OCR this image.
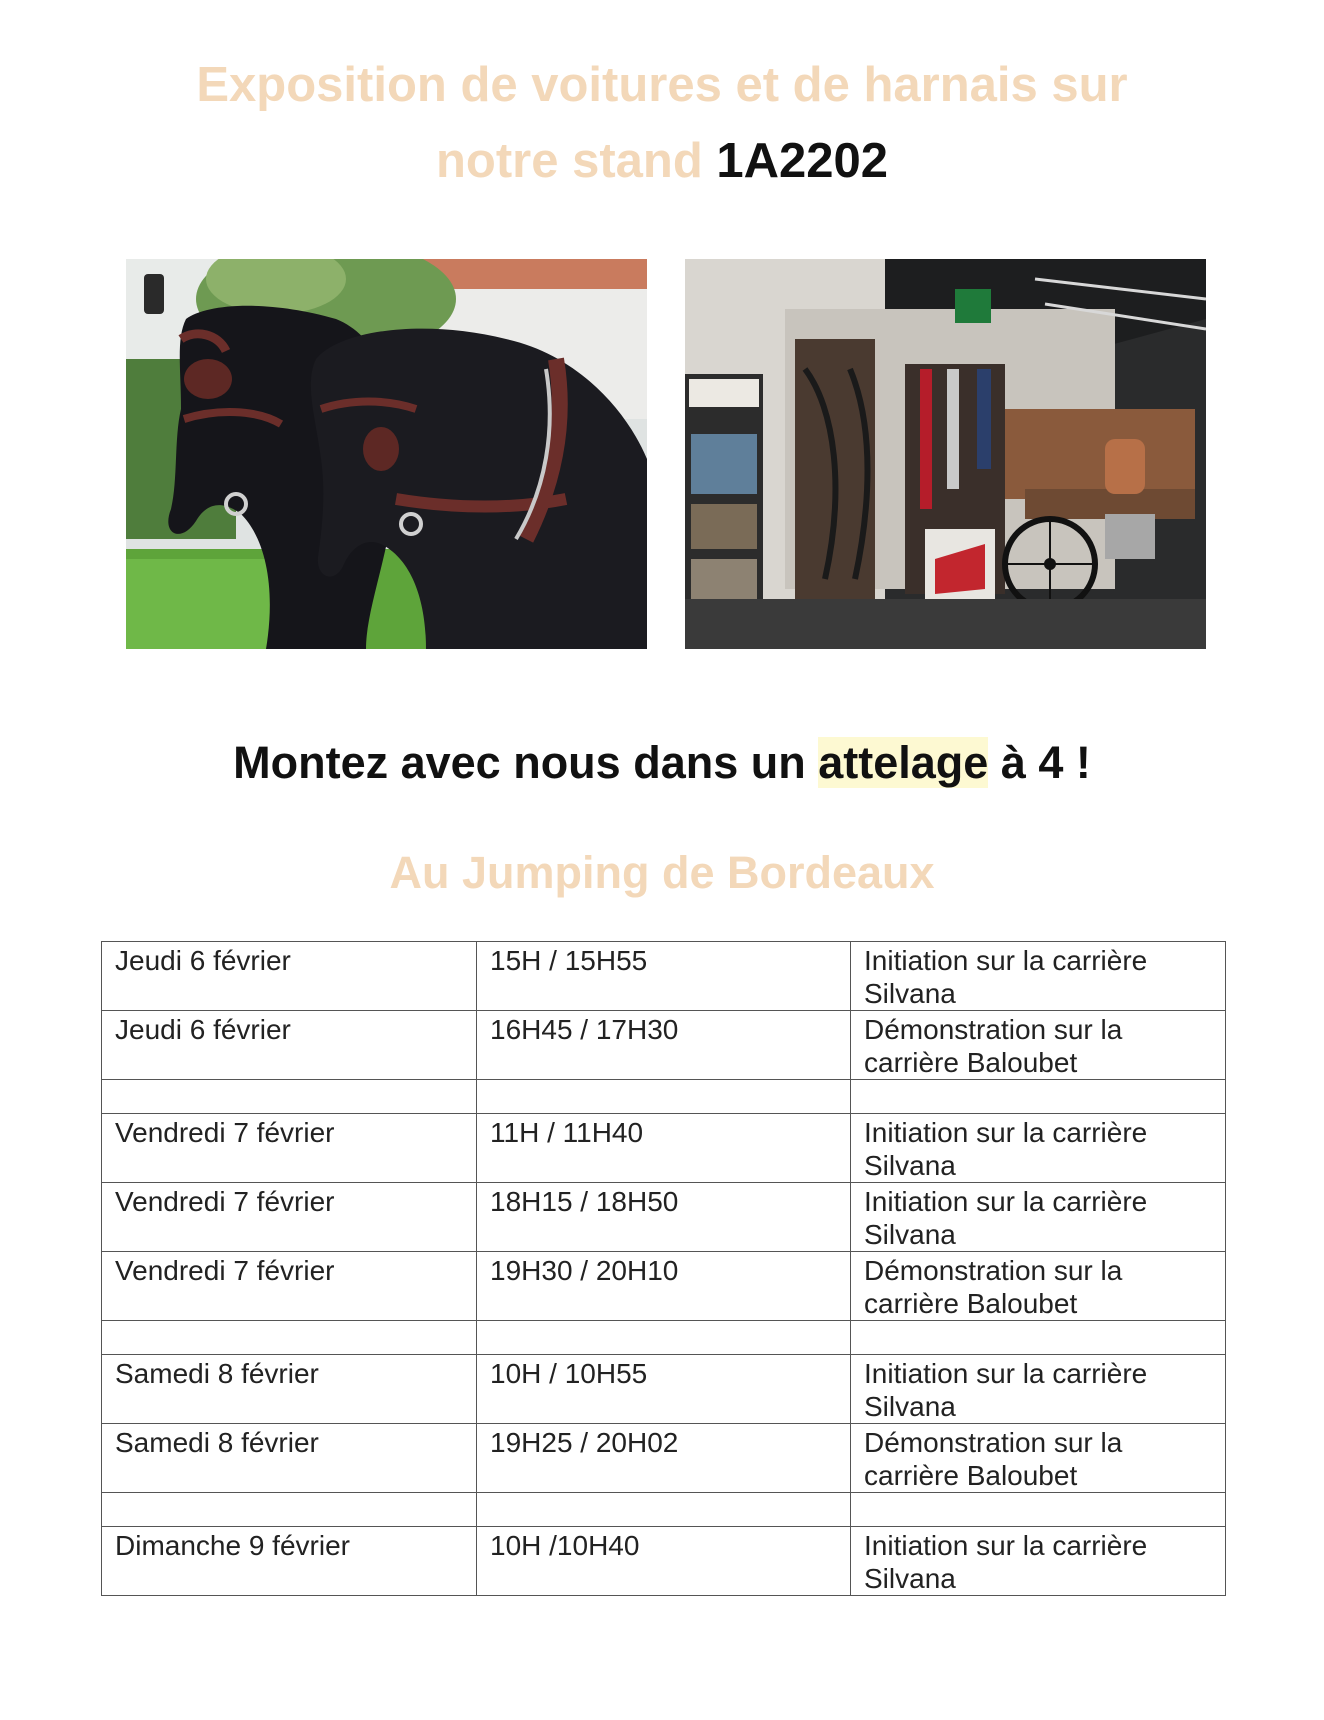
Exposition de voitures et de harnais sur
notre stand 1A2202
Montez avec nous dans un attelage à 4 !
Au Jumping de Bordeaux
Jeudi 6 février	15H / 15H55	Initiation sur la carrière Silvana
Jeudi 6 février	16H45 / 17H30	Démonstration sur la carrière Baloubet

Vendredi 7 février	11H / 11H40	Initiation sur la carrière Silvana
Vendredi 7 février	18H15 / 18H50	Initiation sur la carrière Silvana
Vendredi 7 février	19H30 / 20H10	Démonstration sur la carrière Baloubet

Samedi 8 février	10H / 10H55	Initiation sur la carrière Silvana
Samedi 8 février	19H25 / 20H02	Démonstration sur la carrière Baloubet

Dimanche 9 février	10H /10H40	Initiation sur la carrière Silvana
